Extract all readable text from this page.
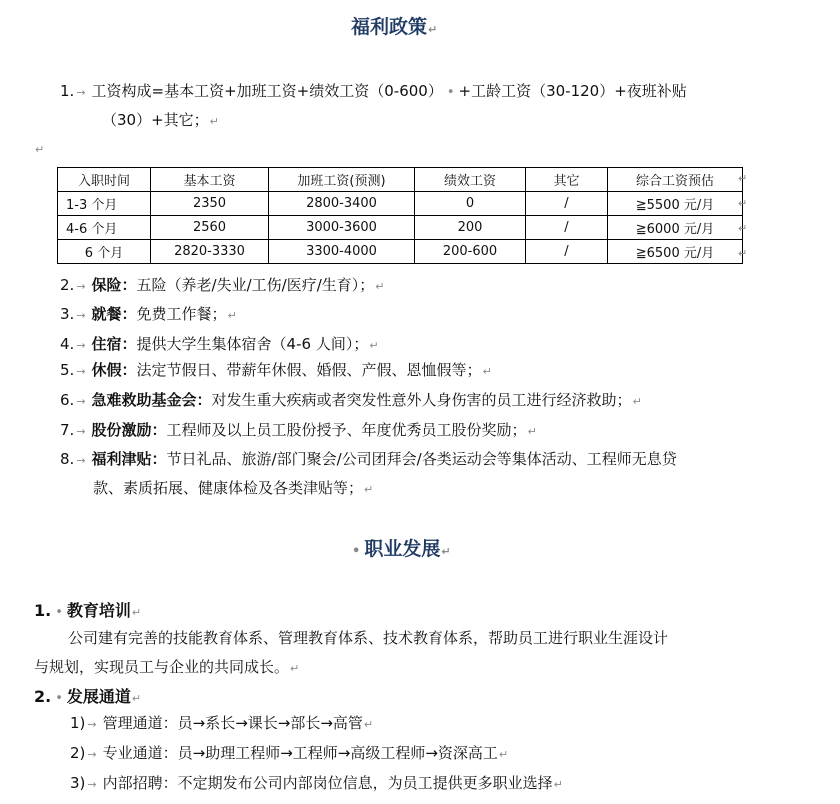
福利政策↵
1. → 工资构成=基本工资+加班工资+绩效工资（0-600） • +工龄工资（30-120）+夜班补贴
（30）+其它；↵
↵
入职时间	基本工资	加班工资(预测)	绩效工资	其它	综合工资预估
1-3 个月	2350	2800-3400	0	/	≧5500 元/月
4-6 个月	2560	3000-3600	200	/	≧6000 元/月
6 个月	2820-3330	3300-4000	200-600	/	≧6500 元/月
↵
↵
↵
↵
2. → 保险：五险（养老/失业/工伤/医疗/生育）；↵
3. → 就餐：免费工作餐；↵
4. → 住宿：提供大学生集体宿舍（4-6 人间）；↵
5. → 休假：法定节假日、带薪年休假、婚假、产假、恩恤假等；↵
6. → 急难救助基金会：对发生重大疾病或者突发性意外人身伤害的员工进行经济救助；↵
7. → 股份激励：工程师及以上员工股份授予、年度优秀员工股份奖励；↵
8. → 福利津贴：节日礼品、旅游/部门聚会/公司团拜会/各类运动会等集体活动、工程师无息贷
款、素质拓展、健康体检及各类津贴等；↵
• 职业发展↵
1. • 教育培训↵
公司建有完善的技能教育体系、管理教育体系、技术教育体系，帮助员工进行职业生涯设计
与规划，实现员工与企业的共同成长。↵
2. • 发展通道↵
1) → 管理通道：员→系长→课长→部长→高管↵
2) → 专业通道：员→助理工程师→工程师→高级工程师→资深高工↵
3) → 内部招聘：不定期发布公司内部岗位信息，为员工提供更多职业选择↵
